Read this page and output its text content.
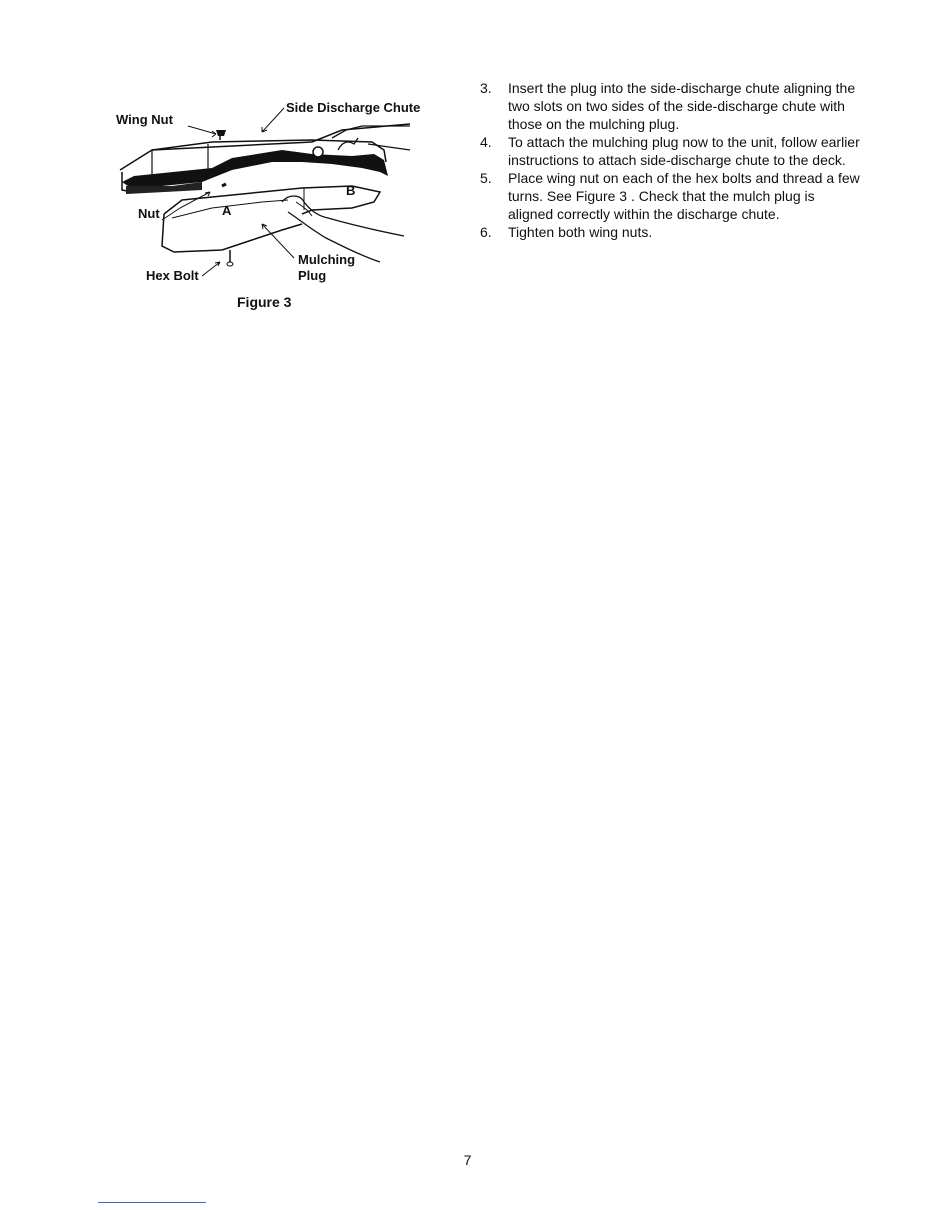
Wing Nut
Side Discharge Chute
Nut	A
B
Mulching
Plug
Hex Bolt
Figure 3
3.	Insert the plug into the side-discharge chute aligning the two slots on two sides of the side-discharge chute with those on the mulching plug.
4.	To attach the mulching plug now to the unit, follow earlier instructions to attach side-discharge chute to the deck.
5.	Place wing nut on each of the hex bolts and thread a few turns. See Figure 3 . Check that the mulch plug is aligned correctly within the discharge chute.
6.	Tighten both wing nuts.
7
